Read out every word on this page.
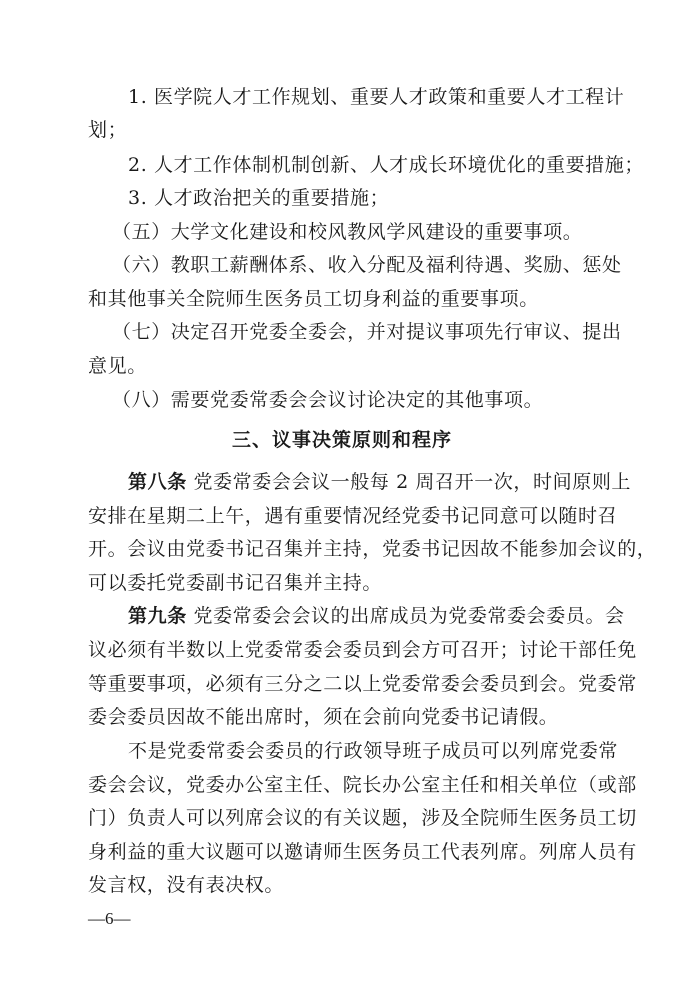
1. 医学院人才工作规划、重要人才政策和重要人才工程计
划；
2. 人才工作体制机制创新、人才成长环境优化的重要措施；
3. 人才政治把关的重要措施；
（五）大学文化建设和校风教风学风建设的重要事项。
（六）教职工薪酬体系、收入分配及福利待遇、奖励、惩处
和其他事关全院师生医务员工切身利益的重要事项。
（七）决定召开党委全委会，并对提议事项先行审议、提出
意见。
（八）需要党委常委会会议讨论决定的其他事项。
三、议事决策原则和程序
第八条 党委常委会会议一般每 2 周召开一次，时间原则上
安排在星期二上午，遇有重要情况经党委书记同意可以随时召
开。会议由党委书记召集并主持，党委书记因故不能参加会议的，
可以委托党委副书记召集并主持。
第九条 党委常委会会议的出席成员为党委常委会委员。会
议必须有半数以上党委常委会委员到会方可召开；讨论干部任免
等重要事项，必须有三分之二以上党委常委会委员到会。党委常
委会委员因故不能出席时，须在会前向党委书记请假。
不是党委常委会委员的行政领导班子成员可以列席党委常
委会会议，党委办公室主任、院长办公室主任和相关单位（或部
门）负责人可以列席会议的有关议题，涉及全院师生医务员工切
身利益的重大议题可以邀请师生医务员工代表列席。列席人员有
发言权，没有表决权。
—6—
